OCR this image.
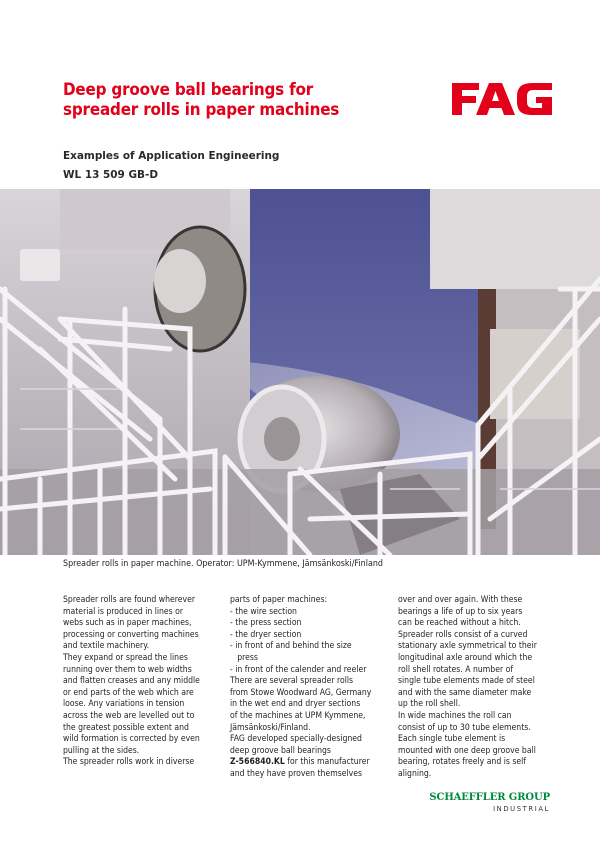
Deep groove ball bearings for
spreader rolls in paper machines
Examples of Application Engineering
WL 13 509 GB-D
Spreader rolls in paper machine. Operator: UPM-Kymmene, Jämsänkoski/Finland
Spreader rolls are found wherever
material is produced in lines or
webs such as in paper machines,
processing or converting machines
and textile machinery.
They expand or spread the lines
running over them to web widths
and flatten creases and any middle
or end parts of the web which are
loose. Any variations in tension
across the web are levelled out to
the greatest possible extent and
wild formation is corrected by even
pulling at the sides.
The spreader rolls work in diverse
parts of paper machines:
- the wire section
- the press section
- the dryer section
- in front of and behind the size
press
- in front of the calender and reeler
There are several spreader rolls
from Stowe Woodward AG, Germany
in the wet end and dryer sections
of the machines at UPM Kymmene,
Jämsänkoski/Finland.
FAG developed specially-designed
deep groove ball bearings
Z-566840.KL for this manufacturer
and they have proven themselves
over and over again. With these
bearings a life of up to six years
can be reached without a hitch.
Spreader rolls consist of a curved
stationary axle symmetrical to their
longitudinal axle around which the
roll shell rotates. A number of
single tube elements made of steel
and with the same diameter make
up the roll shell.
In wide machines the roll can
consist of up to 30 tube elements.
Each single tube element is
mounted with one deep groove ball
bearing, rotates freely and is self
aligning.
SCHAEFFLER GROUP
INDUSTRIAL
